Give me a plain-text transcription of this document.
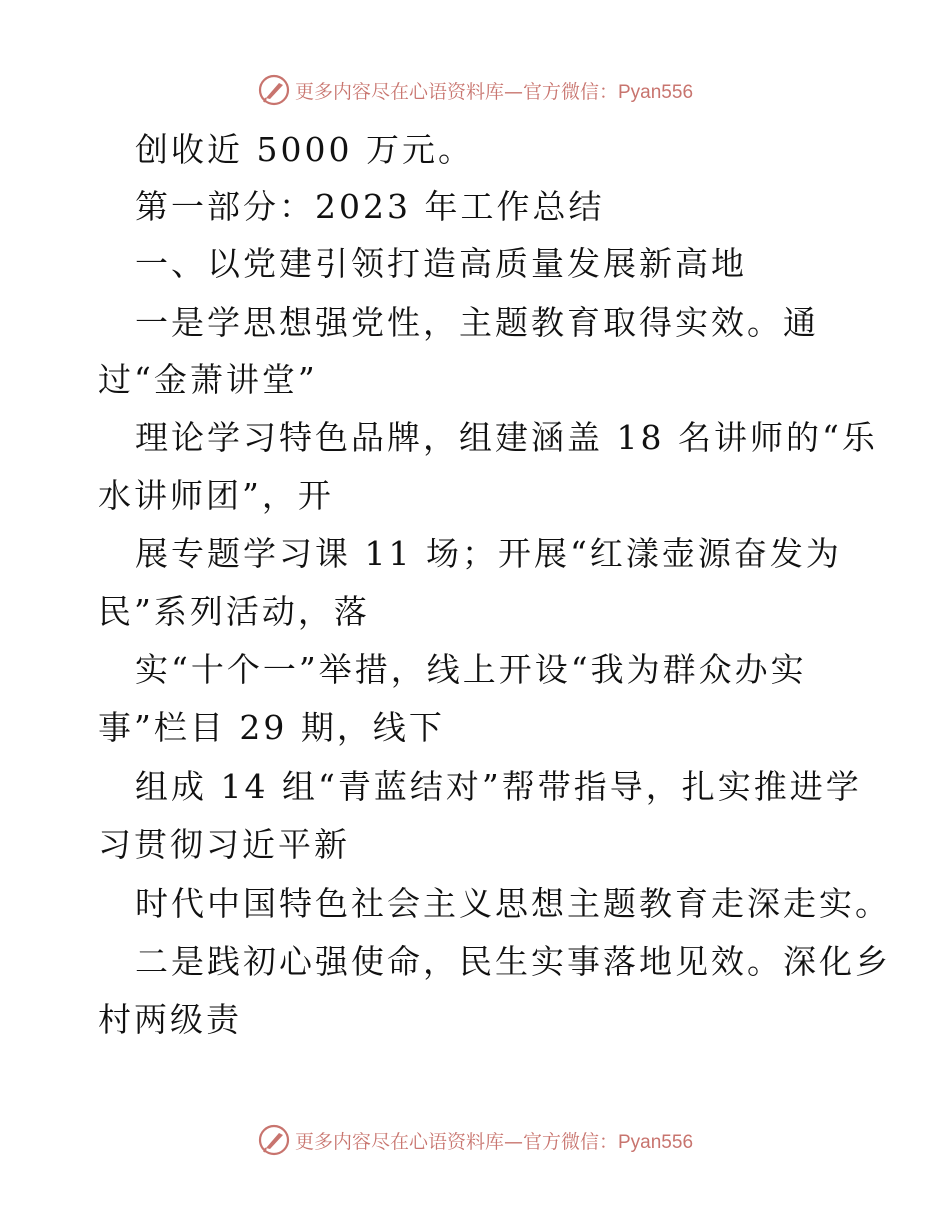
更多内容尽在心语资料库—官方微信：Pyan556
创收近 5000 万元。
第一部分：2023 年工作总结
一、以党建引领打造高质量发展新高地
一是学思想强党性，主题教育取得实效。通
过“金萧讲堂”
理论学习特色品牌，组建涵盖 18 名讲师的“乐
水讲师团”，开
展专题学习课 11 场；开展“红漾壶源奋发为
民”系列活动，落
实“十个一”举措，线上开设“我为群众办实
事”栏目 29 期，线下
组成 14 组“青蓝结对”帮带指导，扎实推进学
习贯彻习近平新
时代中国特色社会主义思想主题教育走深走实。
二是践初心强使命，民生实事落地见效。深化乡
村两级责
更多内容尽在心语资料库—官方微信：Pyan556
